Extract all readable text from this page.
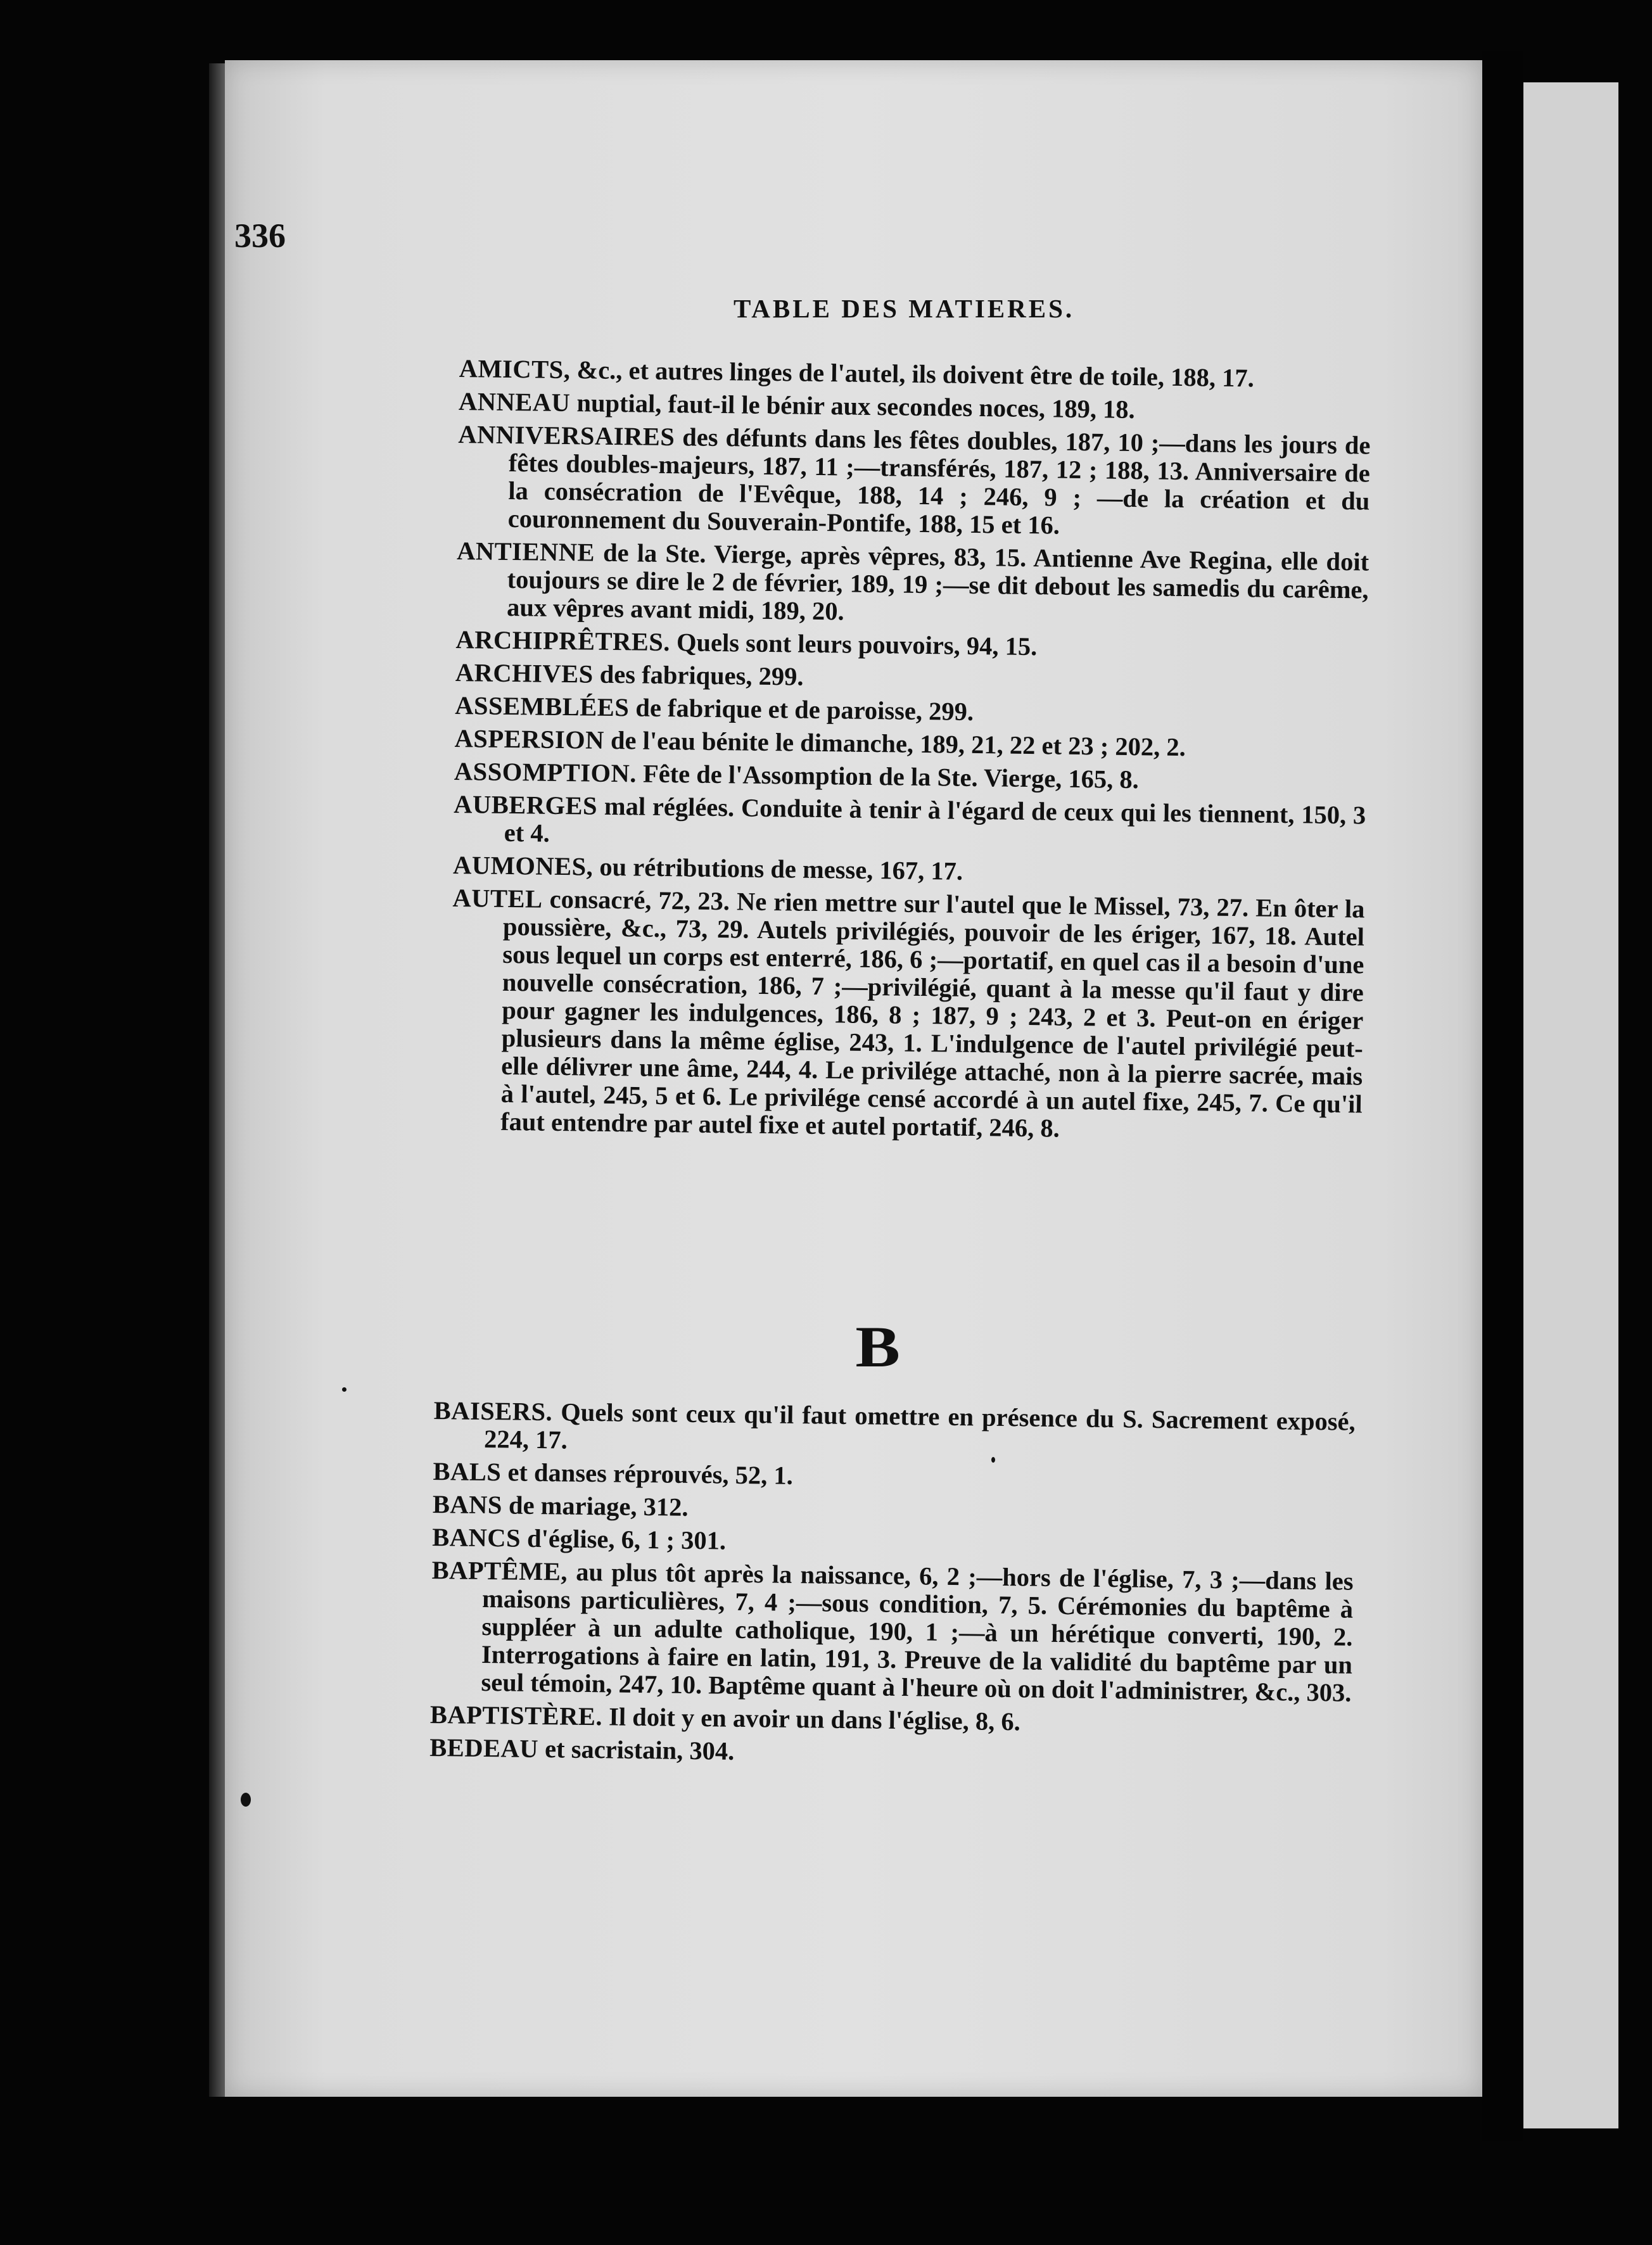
336

TABLE DES MATIERES.

AMICTS, &c., et autres linges de l'autel, ils doivent être de toile, 188, 17.

ANNEAU nuptial, faut-il le bénir aux secondes noces, 189, 18.

ANNIVERSAIRES des défunts dans les fêtes doubles, 187, 10 ;—dans les jours de fêtes doubles-majeurs, 187, 11 ;—transférés, 187, 12 ; 188, 13. Anniversaire de la consécration de l'Evêque, 188, 14 ; 246, 9 ; —de la création et du couronnement du Souverain-Pontife, 188, 15 et 16.

ANTIENNE de la Ste. Vierge, après vêpres, 83, 15. Antienne Ave Regina, elle doit toujours se dire le 2 de février, 189, 19 ;—se dit debout les samedis du carême, aux vêpres avant midi, 189, 20.

ARCHIPRÊTRES. Quels sont leurs pouvoirs, 94, 15.

ARCHIVES des fabriques, 299.

ASSEMBLÉES de fabrique et de paroisse, 299.

ASPERSION de l'eau bénite le dimanche, 189, 21, 22 et 23 ; 202, 2.

ASSOMPTION. Fête de l'Assomption de la Ste. Vierge, 165, 8.

AUBERGES mal réglées. Conduite à tenir à l'égard de ceux qui les tiennent, 150, 3 et 4.

AUMONES, ou rétributions de messe, 167, 17.

AUTEL consacré, 72, 23. Ne rien mettre sur l'autel que le Missel, 73, 27. En ôter la poussière, &c., 73, 29. Autels privilégiés, pouvoir de les ériger, 167, 18. Autel sous lequel un corps est enterré, 186, 6 ;—portatif, en quel cas il a besoin d'une nouvelle consécration, 186, 7 ;—privilégié, quant à la messe qu'il faut y dire pour gagner les indulgences, 186, 8 ; 187, 9 ; 243, 2 et 3. Peut-on en ériger plusieurs dans la même église, 243, 1. L'indulgence de l'autel privilégié peut-elle délivrer une âme, 244, 4. Le privilége attaché, non à la pierre sacrée, mais à l'autel, 245, 5 et 6. Le privilége censé accordé à un autel fixe, 245, 7. Ce qu'il faut entendre par autel fixe et autel portatif, 246, 8.

B

BAISERS. Quels sont ceux qu'il faut omettre en présence du S. Sacrement exposé, 224, 17.

BALS et danses réprouvés, 52, 1.

BANS de mariage, 312.

BANCS d'église, 6, 1 ; 301.

BAPTÊME, au plus tôt après la naissance, 6, 2 ;—hors de l'église, 7, 3 ;—dans les maisons particulières, 7, 4 ;—sous condition, 7, 5. Cérémonies du baptême à suppléer à un adulte catholique, 190, 1 ;—à un hérétique converti, 190, 2. Interrogations à faire en latin, 191, 3. Preuve de la validité du baptême par un seul témoin, 247, 10. Baptême quant à l'heure où on doit l'administrer, &c., 303.

BAPTISTÈRE. Il doit y en avoir un dans l'église, 8, 6.

BEDEAU et sacristain, 304.
